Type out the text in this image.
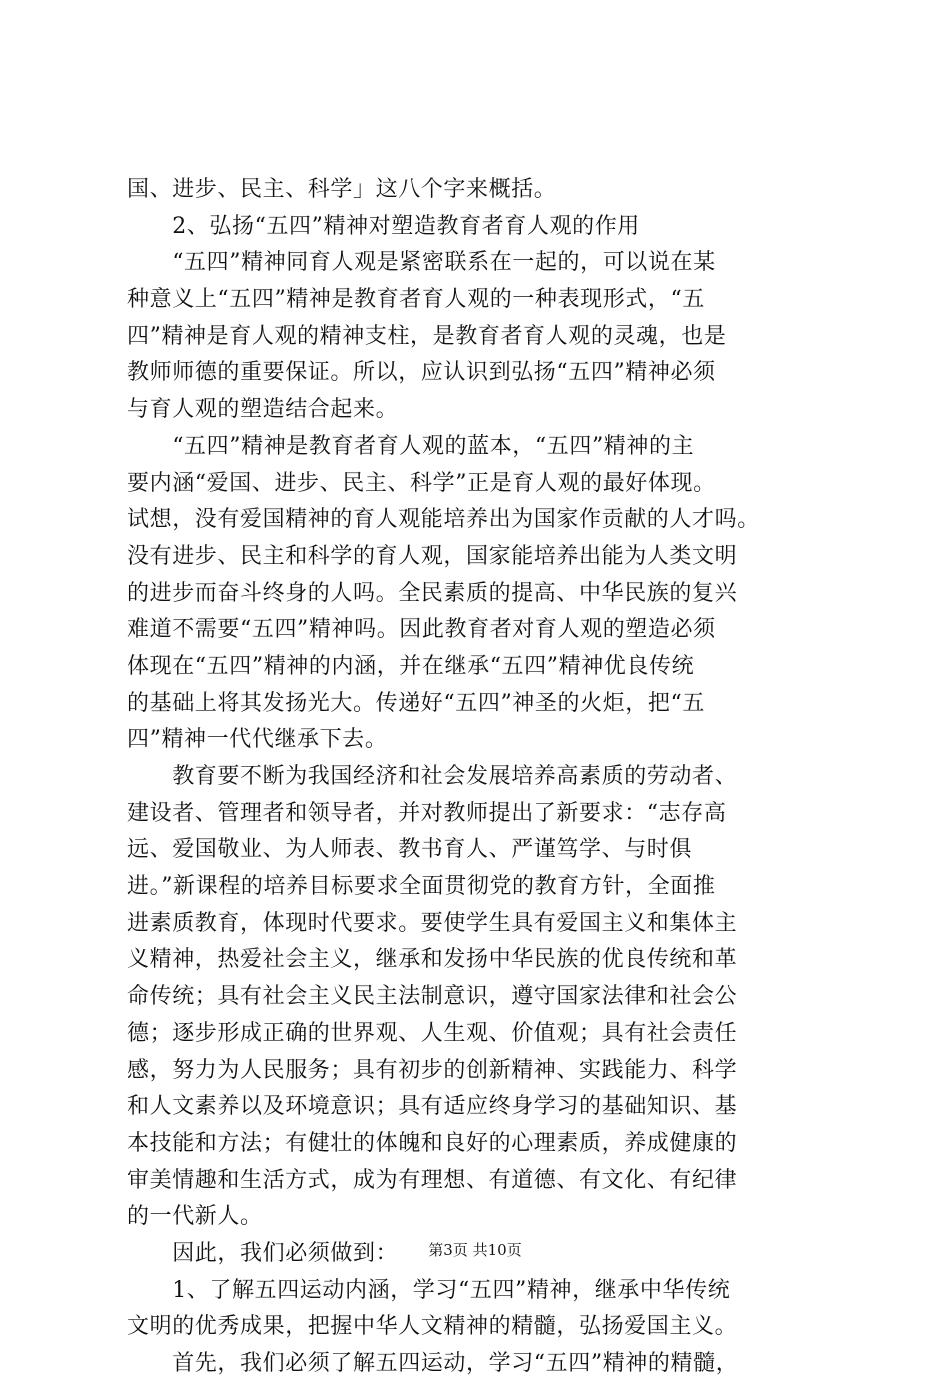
国、进步、民主、科学」这八个字来概括。
　　2、弘扬“五四”精神对塑造教育者育人观的作用
　　“五四”精神同育人观是紧密联系在一起的，可以说在某
种意义上“五四”精神是教育者育人观的一种表现形式，“五
四”精神是育人观的精神支柱，是教育者育人观的灵魂，也是
教师师德的重要保证。所以，应认识到弘扬“五四”精神必须
与育人观的塑造结合起来。
　　“五四”精神是教育者育人观的蓝本，“五四”精神的主
要内涵“爱国、进步、民主、科学”正是育人观的最好体现。
试想，没有爱国精神的育人观能培养出为国家作贡献的人才吗。
没有进步、民主和科学的育人观，国家能培养出能为人类文明
的进步而奋斗终身的人吗。全民素质的提高、中华民族的复兴
难道不需要“五四”精神吗。因此教育者对育人观的塑造必须
体现在“五四”精神的内涵，并在继承“五四”精神优良传统
的基础上将其发扬光大。传递好“五四”神圣的火炬，把“五
四”精神一代代继承下去。
　　教育要不断为我国经济和社会发展培养高素质的劳动者、
建设者、管理者和领导者，并对教师提出了新要求：“志存高
远、爱国敬业、为人师表、教书育人、严谨笃学、与时俱
进。”新课程的培养目标要求全面贯彻党的教育方针，全面推
进素质教育，体现时代要求。要使学生具有爱国主义和集体主
义精神，热爱社会主义，继承和发扬中华民族的优良传统和革
命传统；具有社会主义民主法制意识，遵守国家法律和社会公
德；逐步形成正确的世界观、人生观、价值观；具有社会责任
感，努力为人民服务；具有初步的创新精神、实践能力、科学
和人文素养以及环境意识；具有适应终身学习的基础知识、基
本技能和方法；有健壮的体魄和良好的心理素质，养成健康的
审美情趣和生活方式，成为有理想、有道德、有文化、有纪律
的一代新人。
　　因此，我们必须做到：
　　1、了解五四运动内涵，学习“五四”精神，继承中华传统
文明的优秀成果，把握中华人文精神的精髓，弘扬爱国主义。
　　首先，我们必须了解五四运动，学习“五四”精神的精髓，
第3页 共10页
